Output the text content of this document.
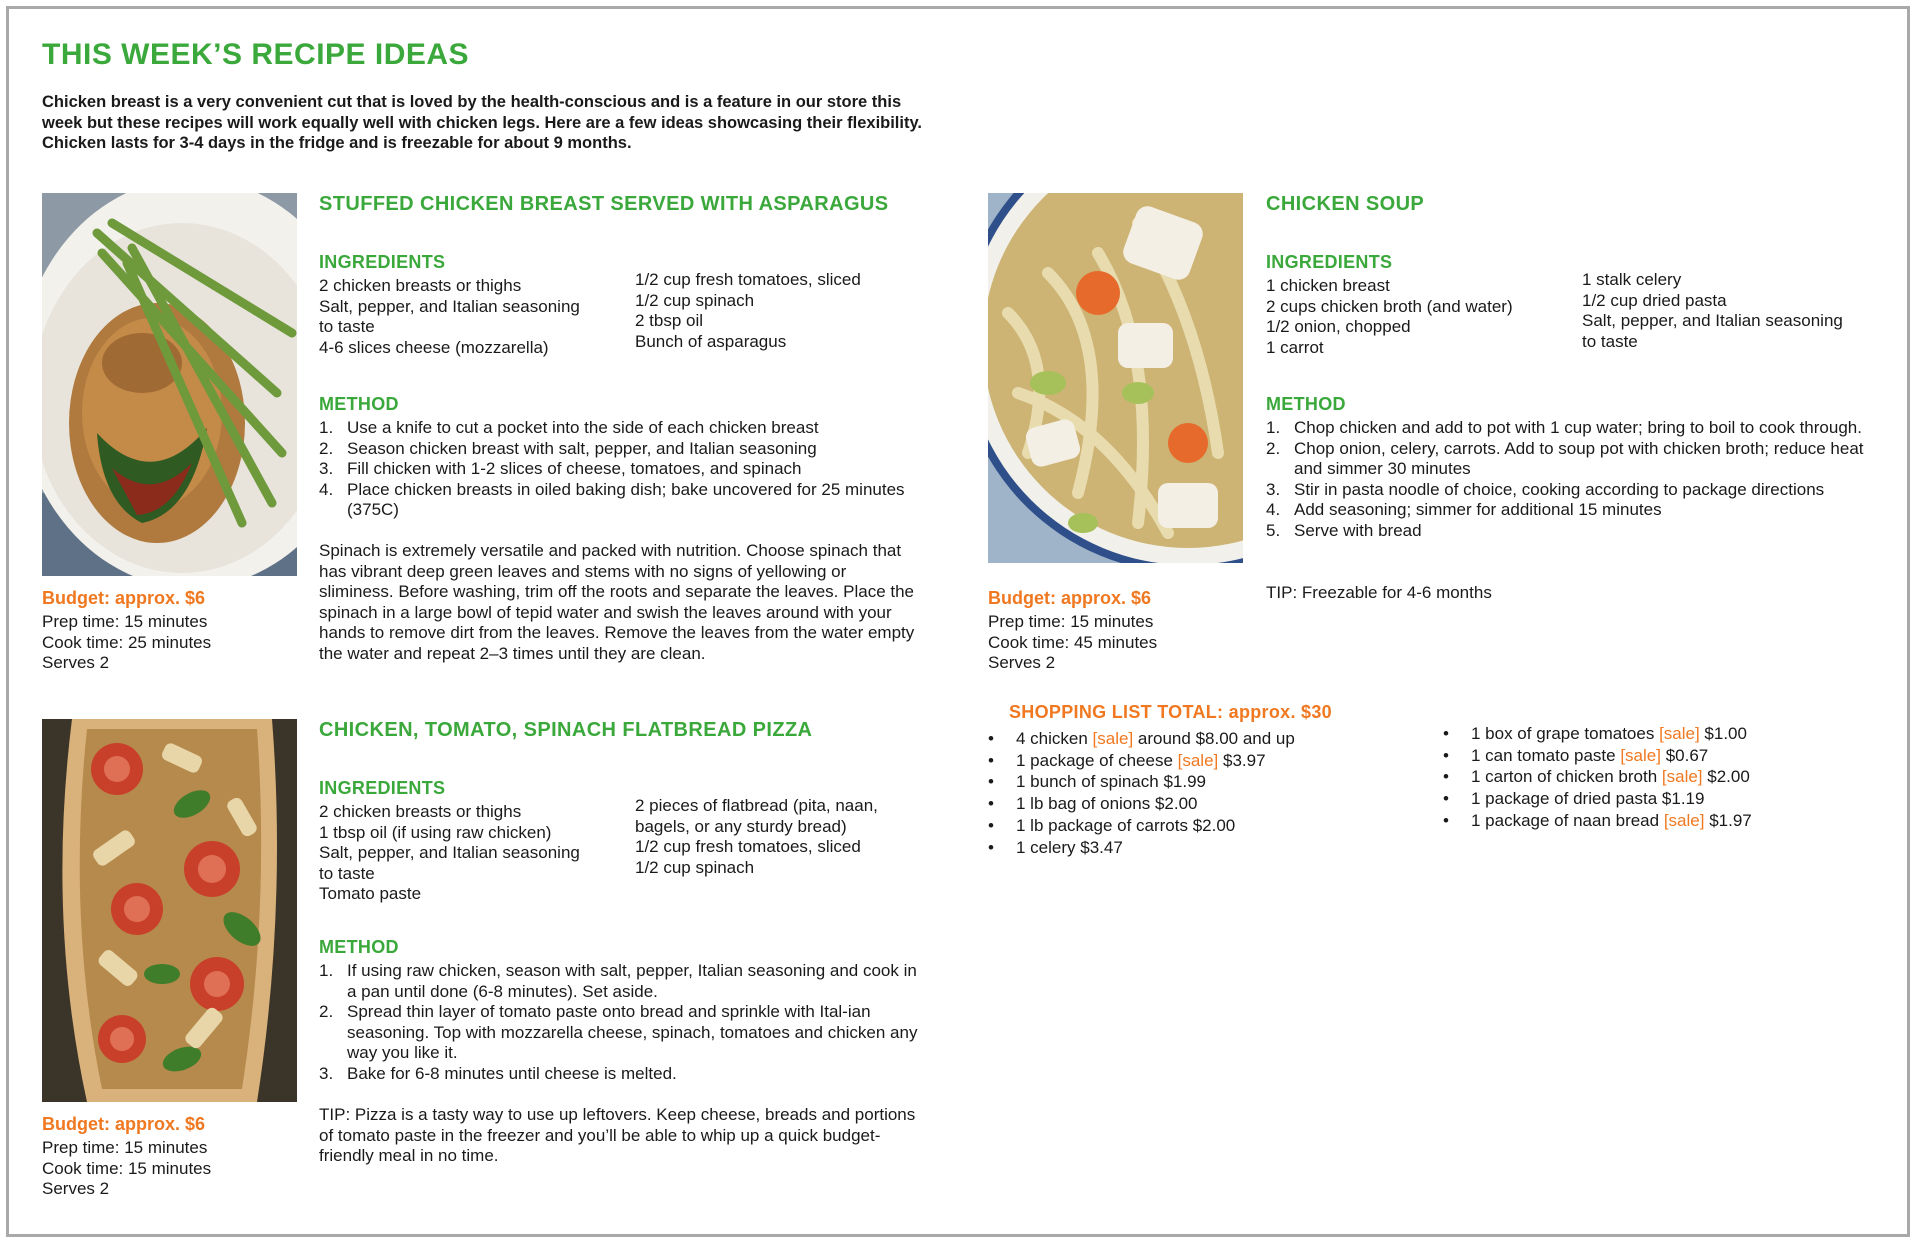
THIS WEEK’S RECIPE IDEAS

Chicken breast is a very convenient cut that is loved by the health-conscious and is a feature in our store this week but these recipes will work equally well with chicken legs. Here are a few ideas showcasing their flexibility. Chicken lasts for 3-4 days in the fridge and is freezable for about 9 months.

Budget: approx. $6

Prep time: 15 minutes
Cook time: 25 minutes
Serves 2
STUFFED CHICKEN BREAST SERVED WITH ASPARAGUS
INGREDIENTS
2 chicken breasts or thighs
Salt, pepper, and Italian seasoning
to taste
4-6 slices cheese (mozzarella)
1/2 cup fresh tomatoes, sliced
1/2 cup spinach
2 tbsp oil
Bunch of asparagus
METHOD
1. Use a knife to cut a pocket into the side of each chicken breast
2. Season chicken breast with salt, pepper, and Italian seasoning
3. Fill chicken with 1-2 slices of cheese, tomatoes, and spinach
4. Place chicken breasts in oiled baking dish; bake uncovered for 25 minutes (375C)

Spinach is extremely versatile and packed with nutrition. Choose spinach that has vibrant deep green leaves and stems with no signs of yellowing or sliminess. Before washing, trim off the roots and separate the leaves. Place the spinach in a large bowl of tepid water and swish the leaves around with your hands to remove dirt from the leaves. Remove the leaves from the water empty the water and repeat 2–3 times until they are clean.

Budget: approx. $6

Prep time: 15 minutes
Cook time: 15 minutes
Serves 2
CHICKEN, TOMATO, SPINACH FLATBREAD PIZZA
INGREDIENTS
2 chicken breasts or thighs
1 tbsp oil (if using raw chicken)
Salt, pepper, and Italian seasoning
to taste
Tomato paste
2 pieces of flatbread (pita, naan,
bagels, or any sturdy bread)
1/2 cup fresh tomatoes, sliced
1/2 cup spinach
METHOD
1. If using raw chicken, season with salt, pepper, Italian seasoning and cook in a pan until done (6-8 minutes). Set aside.
2. Spread thin layer of tomato paste onto bread and sprinkle with Ital-ian seasoning. Top with mozzarella cheese, spinach, tomatoes and chicken any way you like it.
3. Bake for 6-8 minutes until cheese is melted.

TIP: Pizza is a tasty way to use up leftovers. Keep cheese, breads and portions of tomato paste in the freezer and you’ll be able to whip up a quick budget-friendly meal in no time.

Budget: approx. $6

Prep time: 15 minutes
Cook time: 45 minutes
Serves 2
CHICKEN SOUP
INGREDIENTS
1 chicken breast
2 cups chicken broth (and water)
1/2 onion, chopped
1 carrot
1 stalk celery
1/2 cup dried pasta
Salt, pepper, and Italian seasoning
to taste
METHOD
1. Chop chicken and add to pot with 1 cup water; bring to boil to cook through.
2. Chop onion, celery, carrots. Add to soup pot with chicken broth; reduce heat and simmer 30 minutes
3. Stir in pasta noodle of choice, cooking according to package directions
4. Add seasoning; simmer for additional 15 minutes
5. Serve with bread

TIP: Freezable for 4-6 months

SHOPPING LIST TOTAL: approx. $30
• 4 chicken [sale] around $8.00 and up
• 1 package of cheese [sale] $3.97
• 1 bunch of spinach $1.99
• 1 lb bag of onions $2.00
• 1 lb package of carrots $2.00
• 1 celery $3.47
• 1 box of grape tomatoes [sale] $1.00
• 1 can tomato paste [sale] $0.67
• 1 carton of chicken broth [sale] $2.00
• 1 package of dried pasta $1.19
• 1 package of naan bread [sale] $1.97
